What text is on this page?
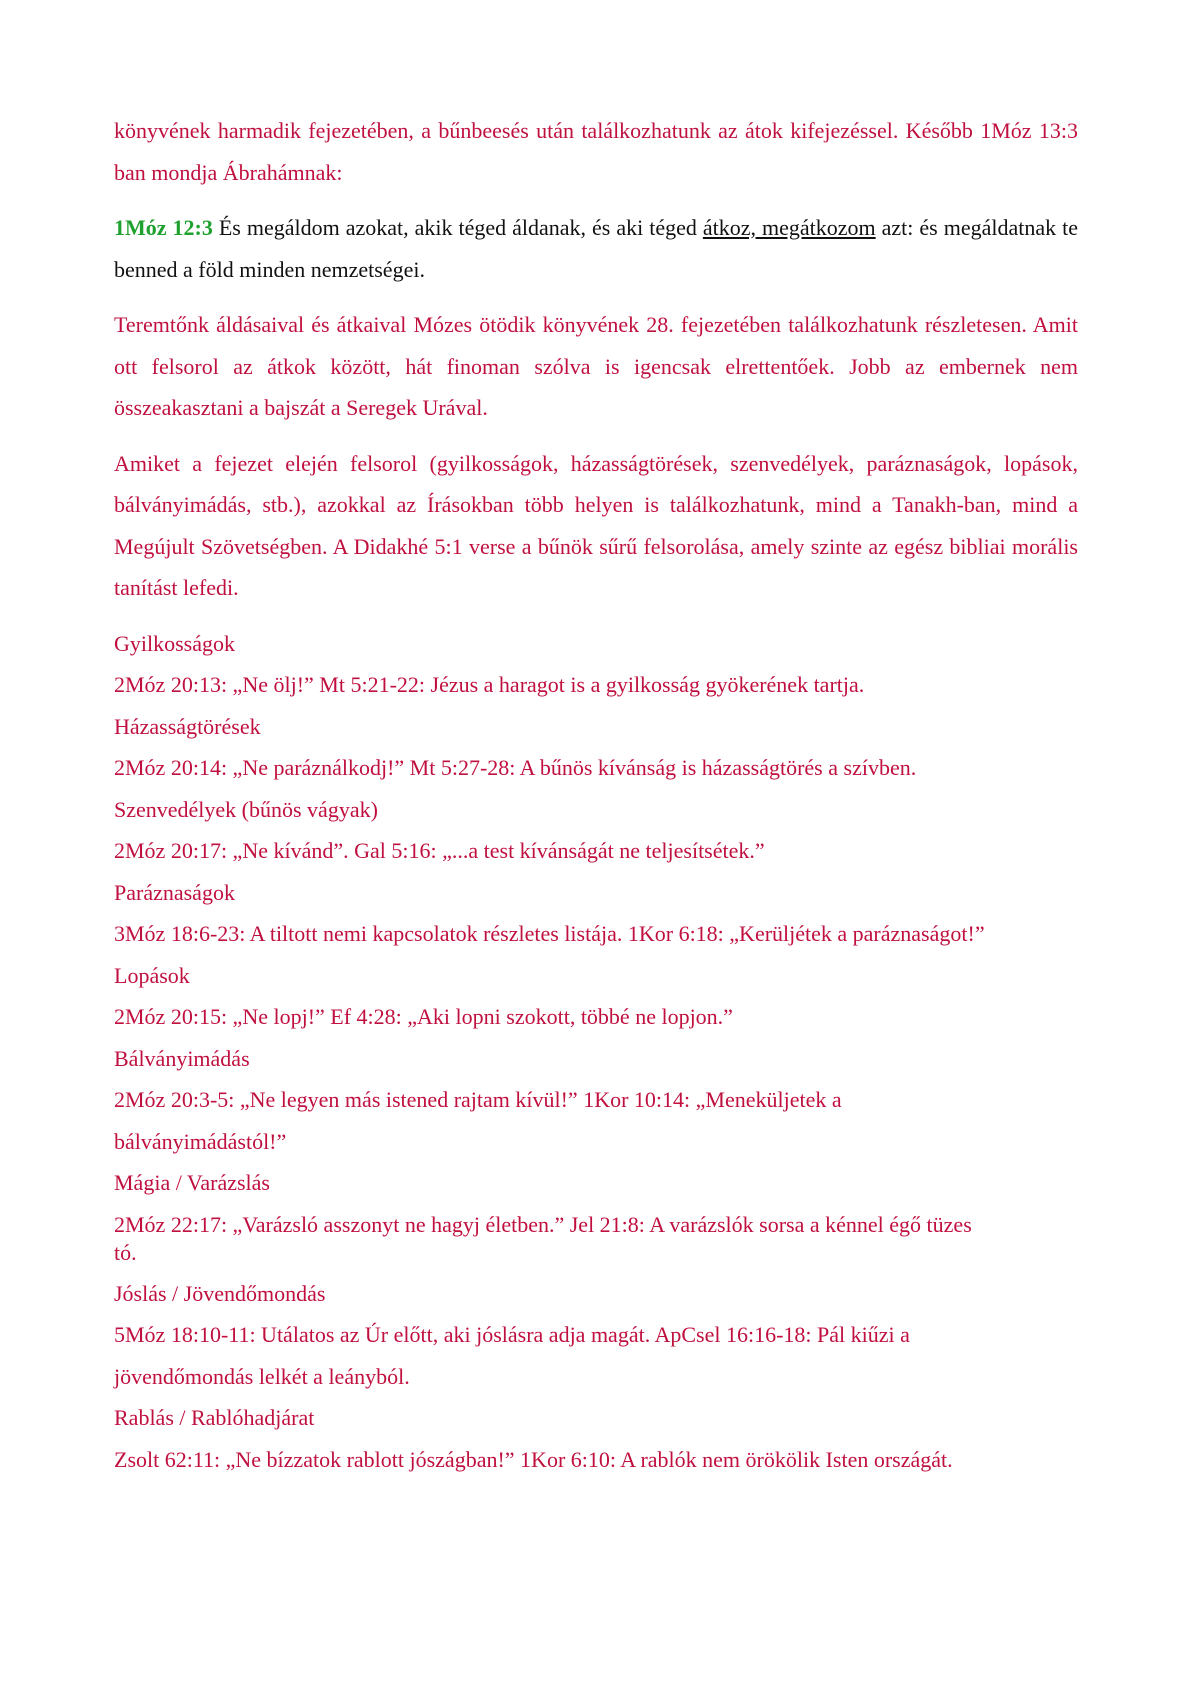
könyvének harmadik fejezetében, a bűnbeesés után találkozhatunk az átok kifejezéssel. Később 1Móz 13:3 ban mondja Ábrahámnak:

1Móz 12:3 És megáldom azokat, akik téged áldanak, és aki téged átkoz, megátkozom azt: és megáldatnak te benned a föld minden nemzetségei.

Teremtőnk áldásaival és átkaival Mózes ötödik könyvének 28. fejezetében találkozhatunk részletesen. Amit ott felsorol az átkok között, hát finoman szólva is igencsak elrettentőek. Jobb az embernek nem összeakasztani a bajszát a Seregek Urával.

Amiket a fejezet elején felsorol (gyilkosságok, házasságtörések, szenvedélyek, paráznaságok, lopások, bálványimádás, stb.), azokkal az Írásokban több helyen is találkozhatunk, mind a Tanakh-ban, mind a Megújult Szövetségben. A Didakhé 5:1 verse a bűnök sűrű felsorolása, amely szinte az egész bibliai morális tanítást lefedi.

Gyilkosságok

2Móz 20:13: „Ne ölj!” Mt 5:21-22: Jézus a haragot is a gyilkosság gyökerének tartja.

Házasságtörések

2Móz 20:14: „Ne paráználkodj!” Mt 5:27-28: A bűnös kívánság is házasságtörés a szívben.

Szenvedélyek (bűnös vágyak)

2Móz 20:17: „Ne kívánd”. Gal 5:16: „...a test kívánságát ne teljesítsétek.”

Paráznaságok

3Móz 18:6-23: A tiltott nemi kapcsolatok részletes listája. 1Kor 6:18: „Kerüljétek a paráznaságot!”

Lopások

2Móz 20:15: „Ne lopj!” Ef 4:28: „Aki lopni szokott, többé ne lopjon.”

Bálványimádás

2Móz 20:3-5: „Ne legyen más istened rajtam kívül!” 1Kor 10:14: „Meneküljetek a

bálványimádástól!”

Mágia / Varázslás

2Móz 22:17: „Varázsló asszonyt ne hagyj életben.” Jel 21:8: A varázslók sorsa a kénnel égő tüzes
tó.

Jóslás / Jövendőmondás

5Móz 18:10-11: Utálatos az Úr előtt, aki jóslásra adja magát. ApCsel 16:16-18: Pál kiűzi a

jövendőmondás lelkét a leányból.

Rablás / Rablóhadjárat

Zsolt 62:11: „Ne bízzatok rablott jószágban!” 1Kor 6:10: A rablók nem örökölik Isten országát.
